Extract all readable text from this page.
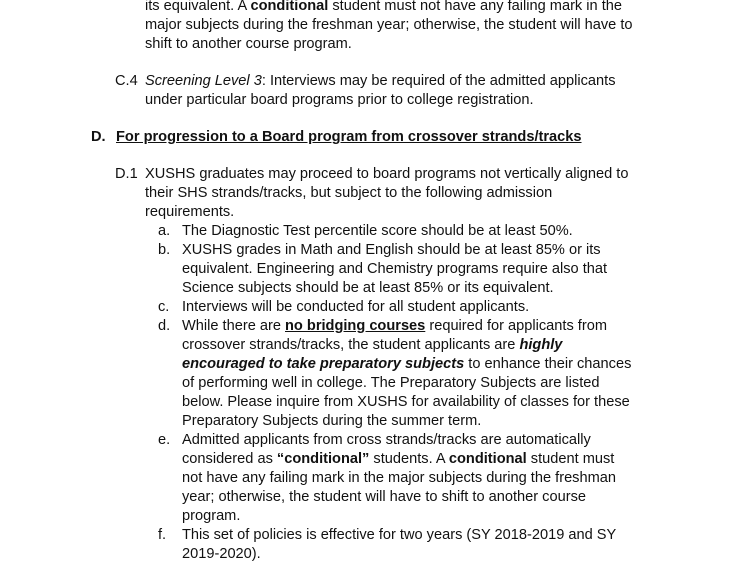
its equivalent. A conditional student must not have any failing mark in the
major subjects during the freshman year; otherwise, the student will have to
shift to another course program.
C.4 Screening Level 3: Interviews may be required of the admitted applicants
under particular board programs prior to college registration.
D. For progression to a Board program from crossover strands/tracks
D.1 XUSHS graduates may proceed to board programs not vertically aligned to
their SHS strands/tracks, but subject to the following admission
requirements.
a. The Diagnostic Test percentile score should be at least 50%.
b. XUSHS grades in Math and English should be at least 85% or its
equivalent. Engineering and Chemistry programs require also that
Science subjects should be at least 85% or its equivalent.
c. Interviews will be conducted for all student applicants.
d. While there are no bridging courses required for applicants from
crossover strands/tracks, the student applicants are highly
encouraged to take preparatory subjects to enhance their chances
of performing well in college. The Preparatory Subjects are listed
below. Please inquire from XUSHS for availability of classes for these
Preparatory Subjects during the summer term.
e. Admitted applicants from cross strands/tracks are automatically
considered as “conditional” students. A conditional student must
not have any failing mark in the major subjects during the freshman
year; otherwise, the student will have to shift to another course
program.
f. This set of policies is effective for two years (SY 2018-2019 and SY
2019-2020).
